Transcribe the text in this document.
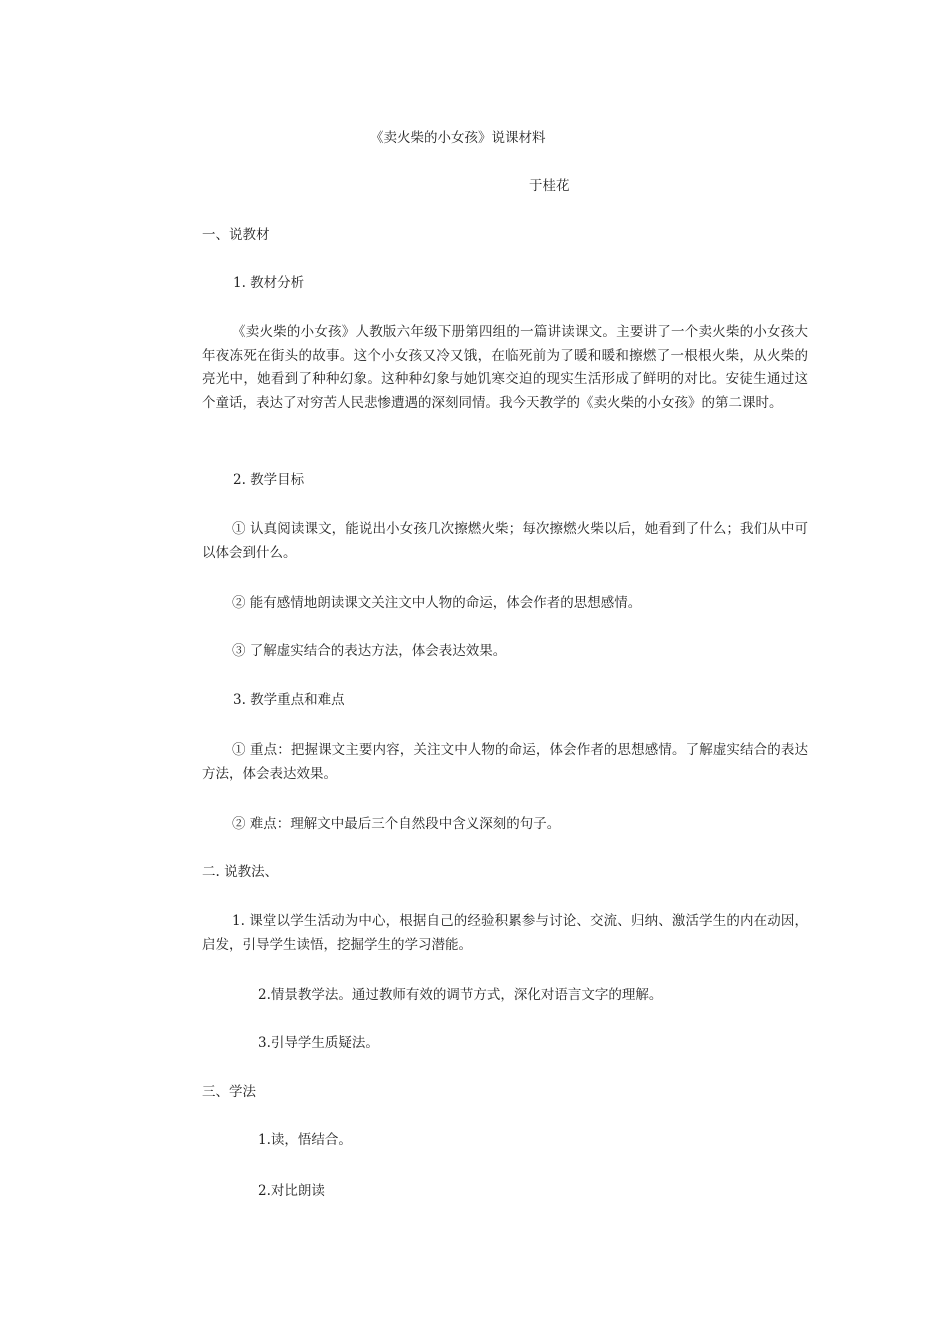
《卖火柴的小女孩》说课材料
于桂花
一、说教材
1. 教材分析
《卖火柴的小女孩》人教版六年级下册第四组的一篇讲读课文。主要讲了一个卖火柴的小女孩大年夜冻死在街头的故事。这个小女孩又冷又饿，在临死前为了暖和暖和擦燃了一根根火柴，从火柴的亮光中，她看到了种种幻象。这种种幻象与她饥寒交迫的现实生活形成了鲜明的对比。安徒生通过这个童话，表达了对穷苦人民悲惨遭遇的深刻同情。我今天教学的《卖火柴的小女孩》的第二课时。
2. 教学目标
① 认真阅读课文，能说出小女孩几次擦燃火柴；每次擦燃火柴以后，她看到了什么；我们从中可以体会到什么。
② 能有感情地朗读课文关注文中人物的命运，体会作者的思想感情。
③ 了解虚实结合的表达方法，体会表达效果。
3. 教学重点和难点
① 重点：把握课文主要内容，关注文中人物的命运，体会作者的思想感情。了解虚实结合的表达方法，体会表达效果。
② 难点：理解文中最后三个自然段中含义深刻的句子。
二. 说教法、
1. 课堂以学生活动为中心，根据自己的经验积累参与讨论、交流、归纳、激活学生的内在动因，启发，引导学生读悟，挖掘学生的学习潜能。
2.情景教学法。通过教师有效的调节方式，深化对语言文字的理解。
3.引导学生质疑法。
三、学法
1.读，悟结合。
2.对比朗读
